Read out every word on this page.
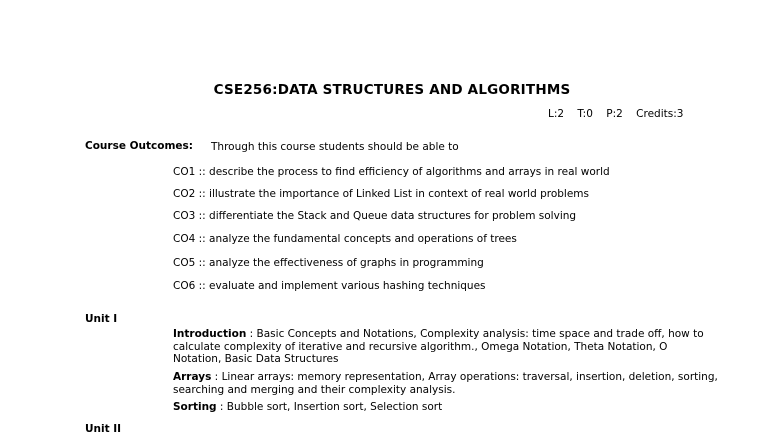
CSE256:DATA STRUCTURES AND ALGORITHMS
L:2 T:0 P:2 Credits:3
Course Outcomes: Through this course students should be able to
CO1 :: describe the process to find efficiency of algorithms and arrays in real world
CO2 :: illustrate the importance of Linked List in context of real world problems
CO3 :: differentiate the Stack and Queue data structures for problem solving
CO4 :: analyze the fundamental concepts and operations of trees
CO5 :: analyze the effectiveness of graphs in programming
CO6 :: evaluate and implement various hashing techniques
Unit I
Introduction : Basic Concepts and Notations, Complexity analysis: time space and trade off, how to calculate complexity of iterative and recursive algorithm., Omega Notation, Theta Notation, O Notation, Basic Data Structures
Arrays : Linear arrays: memory representation, Array operations: traversal, insertion, deletion, sorting, searching and merging and their complexity analysis.
Sorting : Bubble sort, Insertion sort, Selection sort
Unit II
